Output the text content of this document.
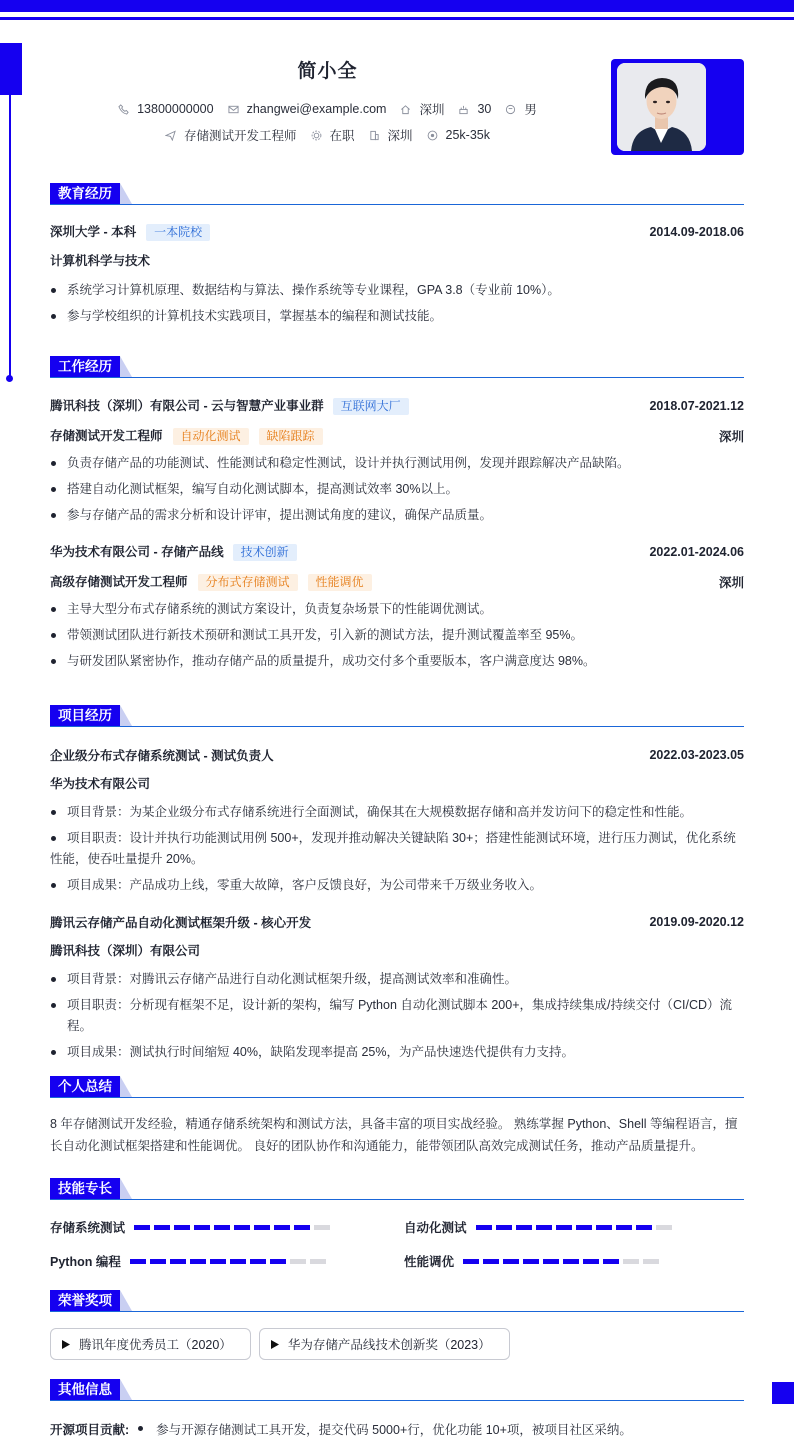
简小全
13800000000	zhangwei@example.com	深圳	30	男
存储测试开发工程师	在职	深圳	25k-35k
教育经历
深圳大学 - 本科 一本院校	2014.09-2018.06
计算机科学与技术
系统学习计算机原理、数据结构与算法、操作系统等专业课程，GPA 3.8（专业前 10%）。
参与学校组织的计算机技术实践项目，掌握基本的编程和测试技能。
工作经历
腾讯科技（深圳）有限公司 - 云与智慧产业事业群 互联网大厂	2018.07-2021.12
存储测试开发工程师 自动化测试 缺陷跟踪	深圳
负责存储产品的功能测试、性能测试和稳定性测试，设计并执行测试用例，发现并跟踪解决产品缺陷。
搭建自动化测试框架，编写自动化测试脚本，提高测试效率 30%以上。
参与存储产品的需求分析和设计评审，提出测试角度的建议，确保产品质量。
华为技术有限公司 - 存储产品线 技术创新	2022.01-2024.06
高级存储测试开发工程师 分布式存储测试 性能调优	深圳
主导大型分布式存储系统的测试方案设计，负责复杂场景下的性能调优测试。
带领测试团队进行新技术预研和测试工具开发，引入新的测试方法，提升测试覆盖率至 95%。
与研发团队紧密协作，推动存储产品的质量提升，成功交付多个重要版本，客户满意度达 98%。
项目经历
企业级分布式存储系统测试 - 测试负责人	2022.03-2023.05
华为技术有限公司
项目背景：为某企业级分布式存储系统进行全面测试，确保其在大规模数据存储和高并发访问下的稳定性和性能。
项目职责：设计并执行功能测试用例 500+，发现并推动解决关键缺陷 30+；搭建性能测试环境，进行压力测试，优化系统性能，使吞吐量提升 20%。
项目成果：产品成功上线，零重大故障，客户反馈良好，为公司带来千万级业务收入。
腾讯云存储产品自动化测试框架升级 - 核心开发	2019.09-2020.12
腾讯科技（深圳）有限公司
项目背景：对腾讯云存储产品进行自动化测试框架升级，提高测试效率和准确性。
项目职责：分析现有框架不足，设计新的架构，编写 Python 自动化测试脚本 200+，集成持续集成/持续交付（CI/CD）流程。
项目成果：测试执行时间缩短 40%，缺陷发现率提高 25%，为产品快速迭代提供有力支持。
个人总结
8 年存储测试开发经验，精通存储系统架构和测试方法，具备丰富的项目实战经验。 熟练掌握 Python、Shell 等编程语言，擅长自动化测试框架搭建和性能调优。 良好的团队协作和沟通能力，能带领团队高效完成测试任务，推动产品质量提升。
技能专长
存储系统测试	自动化测试
Python 编程	性能调优
荣誉奖项
腾讯年度优秀员工（2020）	华为存储产品线技术创新奖（2023）
其他信息
开源项目贡献: 参与开源存储测试工具开发，提交代码 5000+行，优化功能 10+项，被项目社区采纳。
